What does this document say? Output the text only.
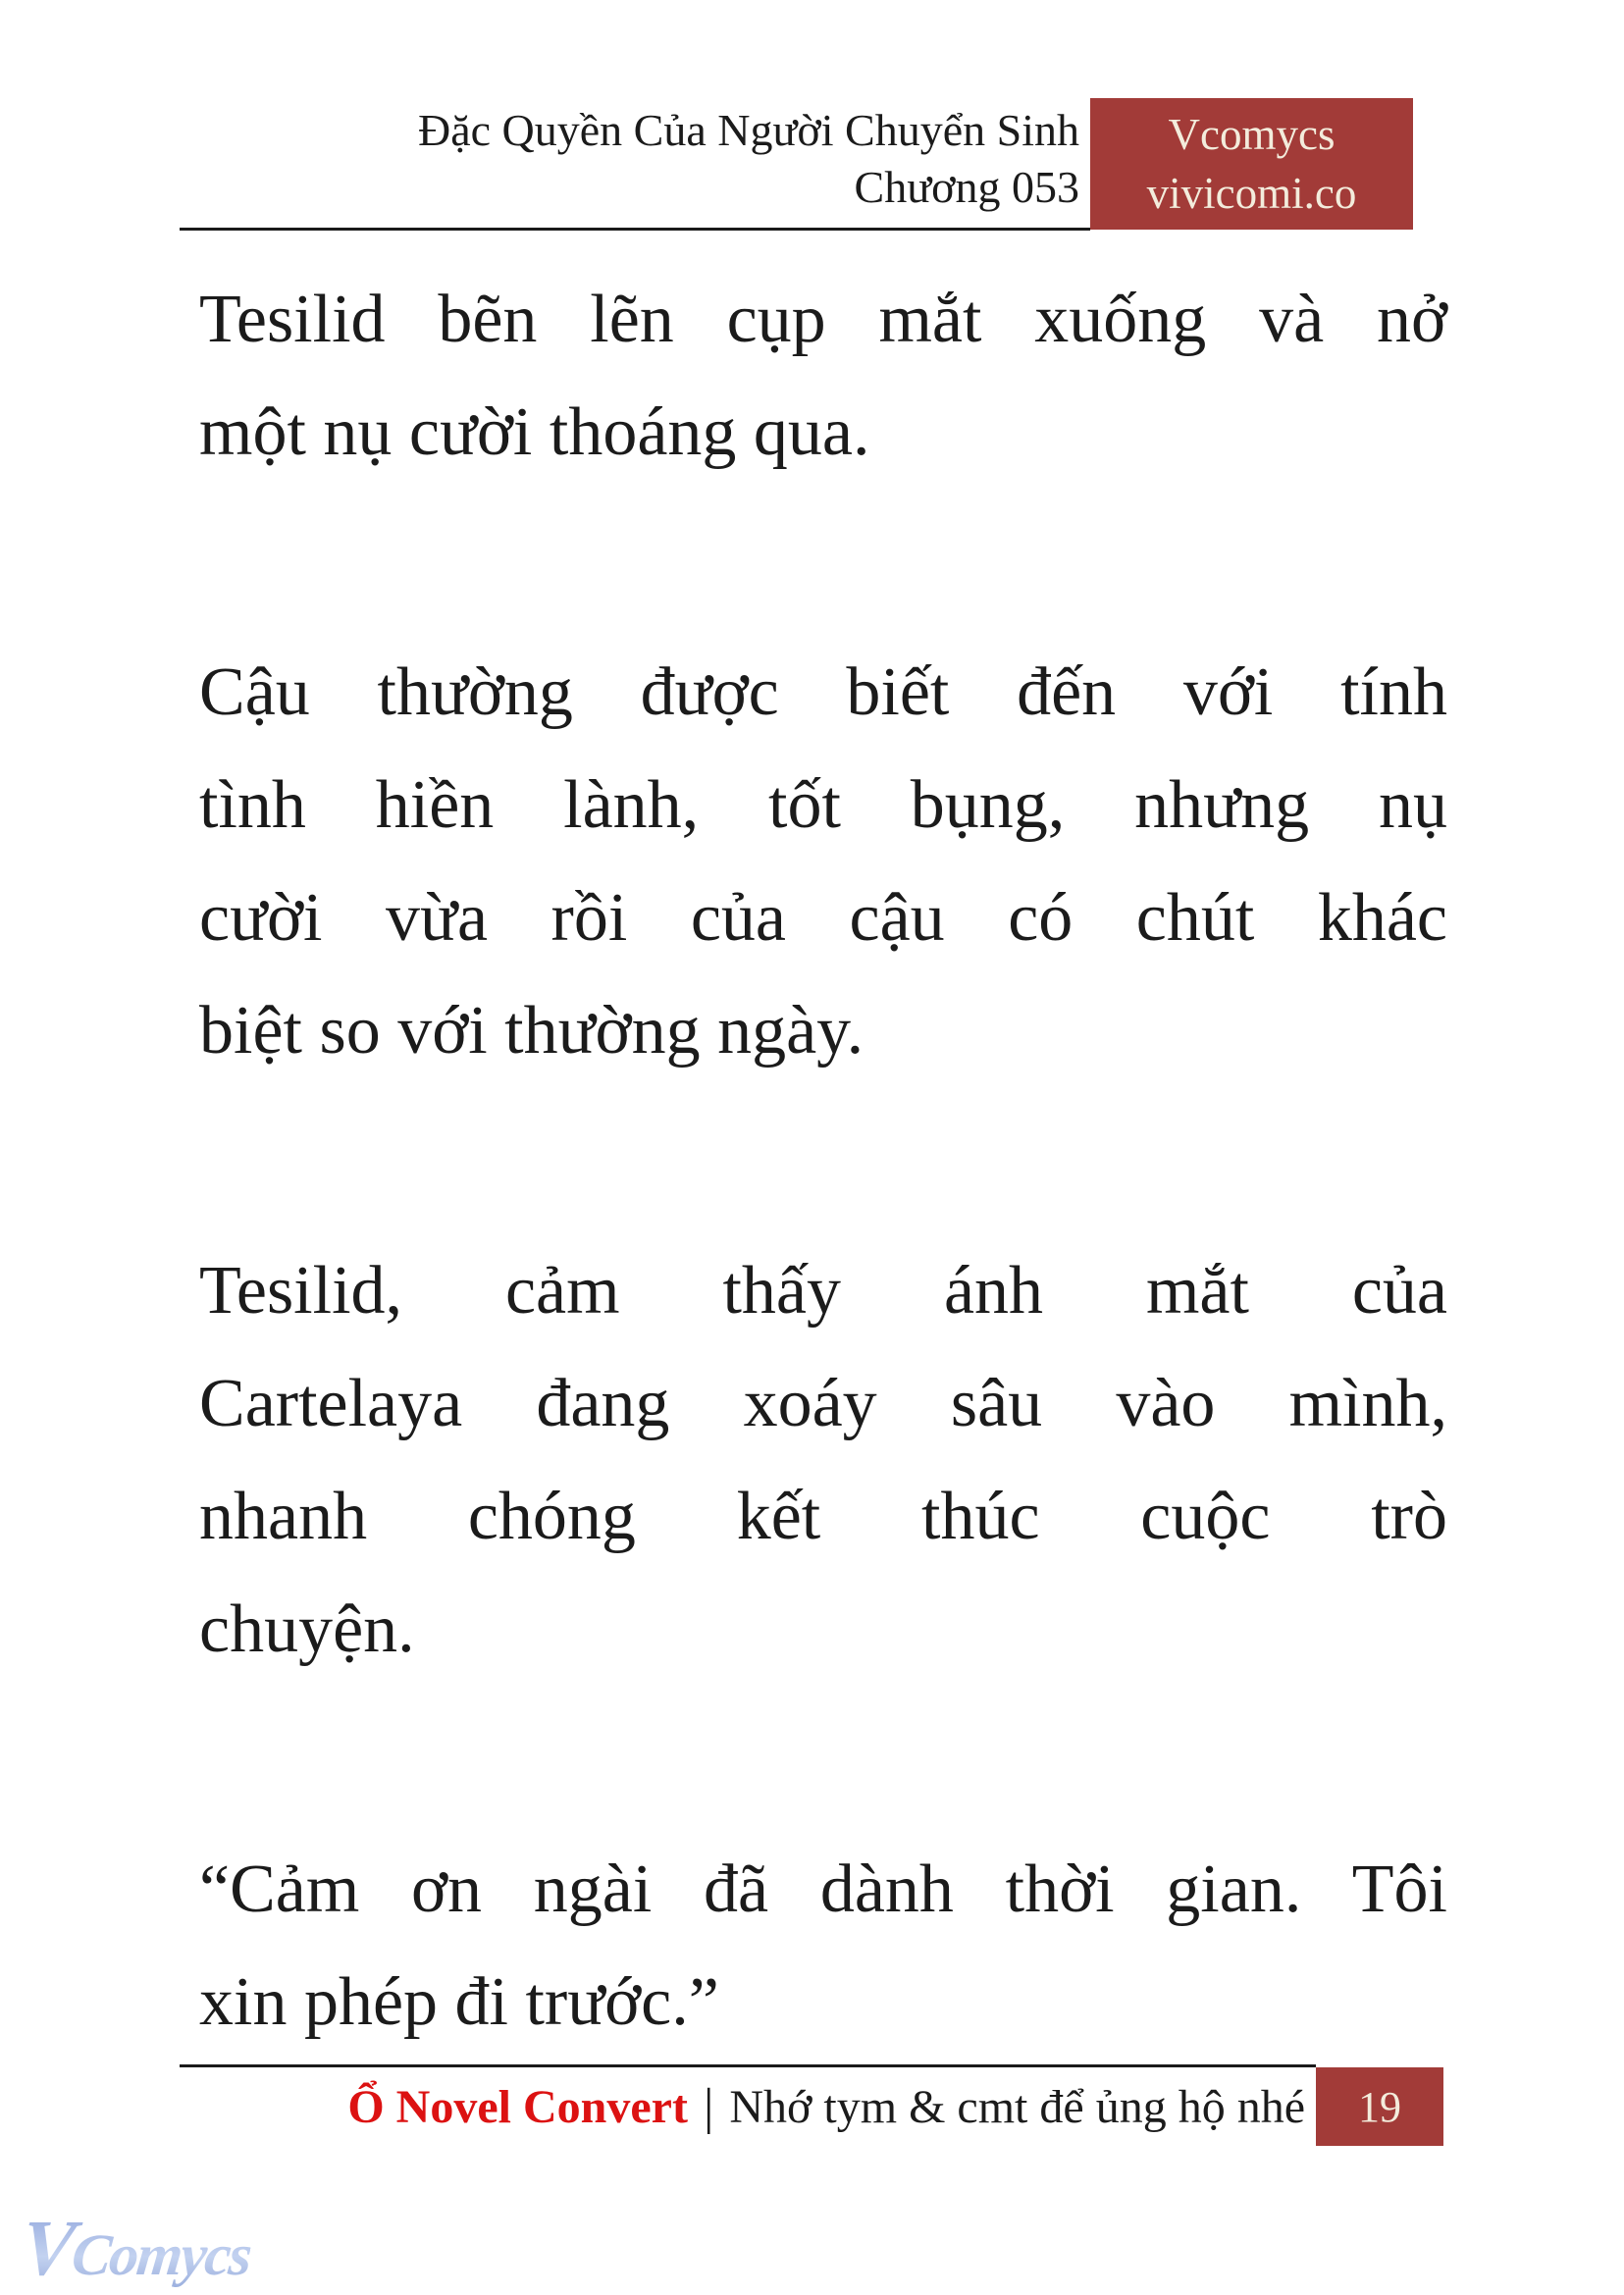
Đặc Quyền Của Người Chuyển Sinh
Chương 053
Vcomycs
vivicomi.co
Tesilid bẽn lẽn cụp mắt xuống và nở
một nụ cười thoáng qua.
Cậu thường được biết đến với tính
tình hiền lành, tốt bụng, nhưng nụ
cười vừa rồi của cậu có chút khác
biệt so với thường ngày.
Tesilid, cảm thấy ánh mắt của
Cartelaya đang xoáy sâu vào mình,
nhanh chóng kết thúc cuộc trò
chuyện.
“Cảm ơn ngài đã dành thời gian. Tôi
xin phép đi trước.”
Ổ Novel Convert | Nhớ tym & cmt để ủng hộ nhé 19
VComycs
